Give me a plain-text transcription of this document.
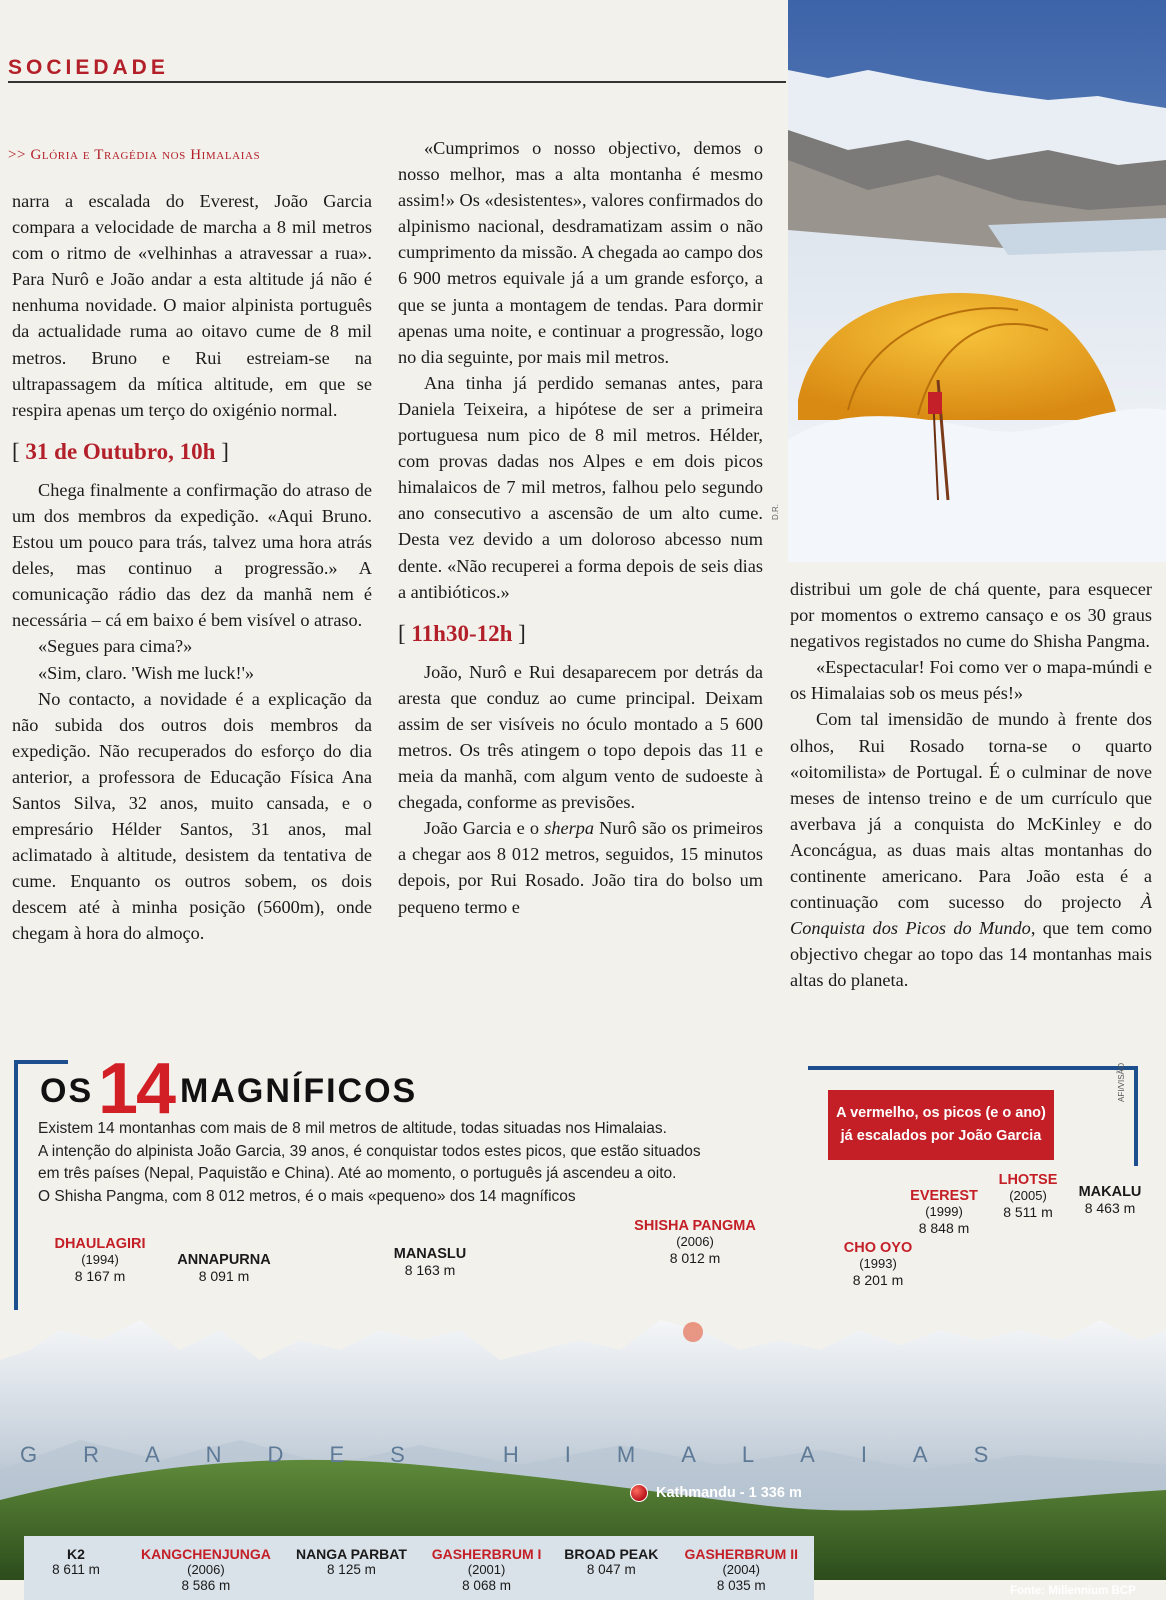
SOCIEDADE
>> Glória e Tragédia nos Himalaias

narra a escalada do Everest, João Garcia compara a velocidade de marcha a 8 mil metros com o ritmo de «velhinhas a atravessar a rua». Para Nurô e João andar a esta altitude já não é nenhuma novidade. O maior alpinista português da actualidade ruma ao oitavo cume de 8 mil metros. Bruno e Rui estreiam-se na ultrapassagem da mítica altitude, em que se respira apenas um terço do oxigénio normal.

[ 31 de Outubro, 10h ]

Chega finalmente a confirmação do atraso de um dos membros da expedição. «Aqui Bruno. Estou um pouco para trás, talvez uma hora atrás deles, mas continuo a progressão.» A comunicação rádio das dez da manhã nem é necessária – cá em baixo é bem visível o atraso.

«Segues para cima?»

«Sim, claro. 'Wish me luck!'»

No contacto, a novidade é a explicação da não subida dos outros dois membros da expedição. Não recuperados do esforço do dia anterior, a professora de Educação Física Ana Santos Silva, 32 anos, muito cansada, e o empresário Hélder Santos, 31 anos, mal aclimatado à altitude, desistem da tentativa de cume. Enquanto os outros sobem, os dois descem até à minha posição (5600m), onde chegam à hora do almoço.

«Cumprimos o nosso objectivo, demos o nosso melhor, mas a alta montanha é mesmo assim!» Os «desistentes», valores confirmados do alpinismo nacional, desdramatizam assim o não cumprimento da missão. A chegada ao campo dos 6 900 metros equivale já a um grande esforço, a que se junta a montagem de tendas. Para dormir apenas uma noite, e continuar a progressão, logo no dia seguinte, por mais mil metros.

Ana tinha já perdido semanas antes, para Daniela Teixeira, a hipótese de ser a primeira portuguesa num pico de 8 mil metros. Hélder, com provas dadas nos Alpes e em dois picos himalaicos de 7 mil metros, falhou pelo segundo ano consecutivo a ascensão de um alto cume. Desta vez devido a um doloroso abcesso num dente. «Não recuperei a forma depois de seis dias a antibióticos.»

[ 11h30-12h ]

João, Nurô e Rui desaparecem por detrás da aresta que conduz ao cume principal. Deixam assim de ser visíveis no óculo montado a 5 600 metros. Os três atingem o topo depois das 11 e meia da manhã, com algum vento de sudoeste à chegada, conforme as previsões.

João Garcia e o sherpa Nurô são os primeiros a chegar aos 8 012 metros, seguidos, 15 minutos depois, por Rui Rosado. João tira do bolso um pequeno termo e

D.R.

distribui um gole de chá quente, para esquecer por momentos o extremo cansaço e os 30 graus negativos registados no cume do Shisha Pangma.

«Espectacular! Foi como ver o mapa-múndi e os Himalaias sob os meus pés!»

Com tal imensidão de mundo à frente dos olhos, Rui Rosado torna-se o quarto «oitomilista» de Portugal. É o culminar de nove meses de intenso treino e de um currículo que averbava já a conquista do McKinley e do Aconcágua, as duas mais altas montanhas do continente americano. Para João esta é a continuação com sucesso do projecto À Conquista dos Picos do Mundo, que tem como objectivo chegar ao topo das 14 montanhas mais altas do planeta.

OS 14 MAGNÍFICOS
Existem 14 montanhas com mais de 8 mil metros de altitude, todas situadas nos Himalaias.
A intenção do alpinista João Garcia, 39 anos, é conquistar todos estes picos, que estão situados
em três países (Nepal, Paquistão e China). Até ao momento, o português já ascendeu a oito.
O Shisha Pangma, com 8 012 metros, é o mais «pequeno» dos 14 magníficos
A vermelho, os picos (e o ano)
já escalados por João Garcia
AFI/VISÃO
GRANDES HIMALAIAS
DHAULAGIRI
(1994)
8 167 m
ANNAPURNA
8 091 m
MANASLU
8 163 m
SHISHA PANGMA
(2006)
8 012 m
CHO OYO
(1993)
8 201 m
EVEREST
(1999)
8 848 m
LHOTSE
(2005)
8 511 m
MAKALU
8 463 m
Kathmandu - 1 336 m
K2
8 611 m
KANGCHENJUNGA
(2006)
8 586 m
NANGA PARBAT
8 125 m
GASHERBRUM I
(2001)
8 068 m
BROAD PEAK
8 047 m
GASHERBRUM II
(2004)
8 035 m	Fonte: Millennium BCP
